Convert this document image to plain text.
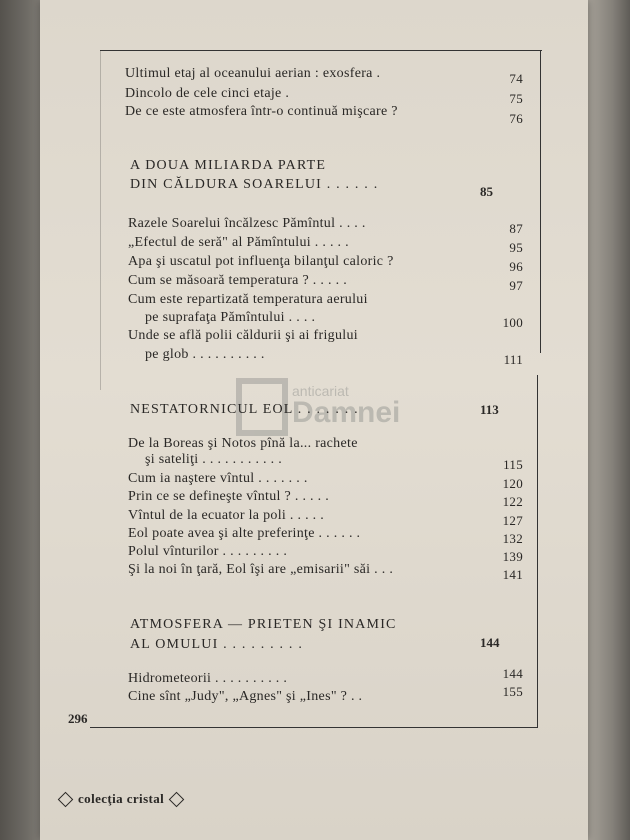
Ultimul etaj al oceanului aerian : exosfera .	74
Dincolo de cele cinci etaje .	75
De ce este atmosfera într-o continuă mişcare ?	76
A DOUA MILIARDA PARTE
DIN CĂLDURA SOARELUI . . . . . .	85
Razele Soarelui încălzesc Pămîntul . . . .	87
„Efectul de seră" al Pămîntului . . . . .	95
Apa şi uscatul pot influenţa bilanţul caloric ?	96
Cum se măsoară temperatura ? . . . . .	97
Cum este repartizată temperatura aerului
pe suprafaţa Pămîntului . . . .	100
Unde se află polii căldurii şi ai frigului
pe glob . . . . . . . . . .	111
anticariat
Damnei
NESTATORNICUL EOL . . . . . . .	113
De la Boreas şi Notos pînă la... rachete
şi sateliţi . . . . . . . . . . .	115
Cum ia naştere vîntul . . . . . . .	120
Prin ce se defineşte vîntul ? . . . . .	122
Vîntul de la ecuator la poli . . . . .	127
Eol poate avea şi alte preferinţe . . . . . .	132
Polul vînturilor . . . . . . . . .	139
Şi la noi în ţară, Eol îşi are „emisarii" săi . . .	141
ATMOSFERA — PRIETEN ŞI INAMIC
AL OMULUI . . . . . . . . .	144
Hidrometeorii . . . . . . . . . .	144
Cine sînt „Judy", „Agnes" şi „Ines" ? . .	155
296
colecţia cristal
